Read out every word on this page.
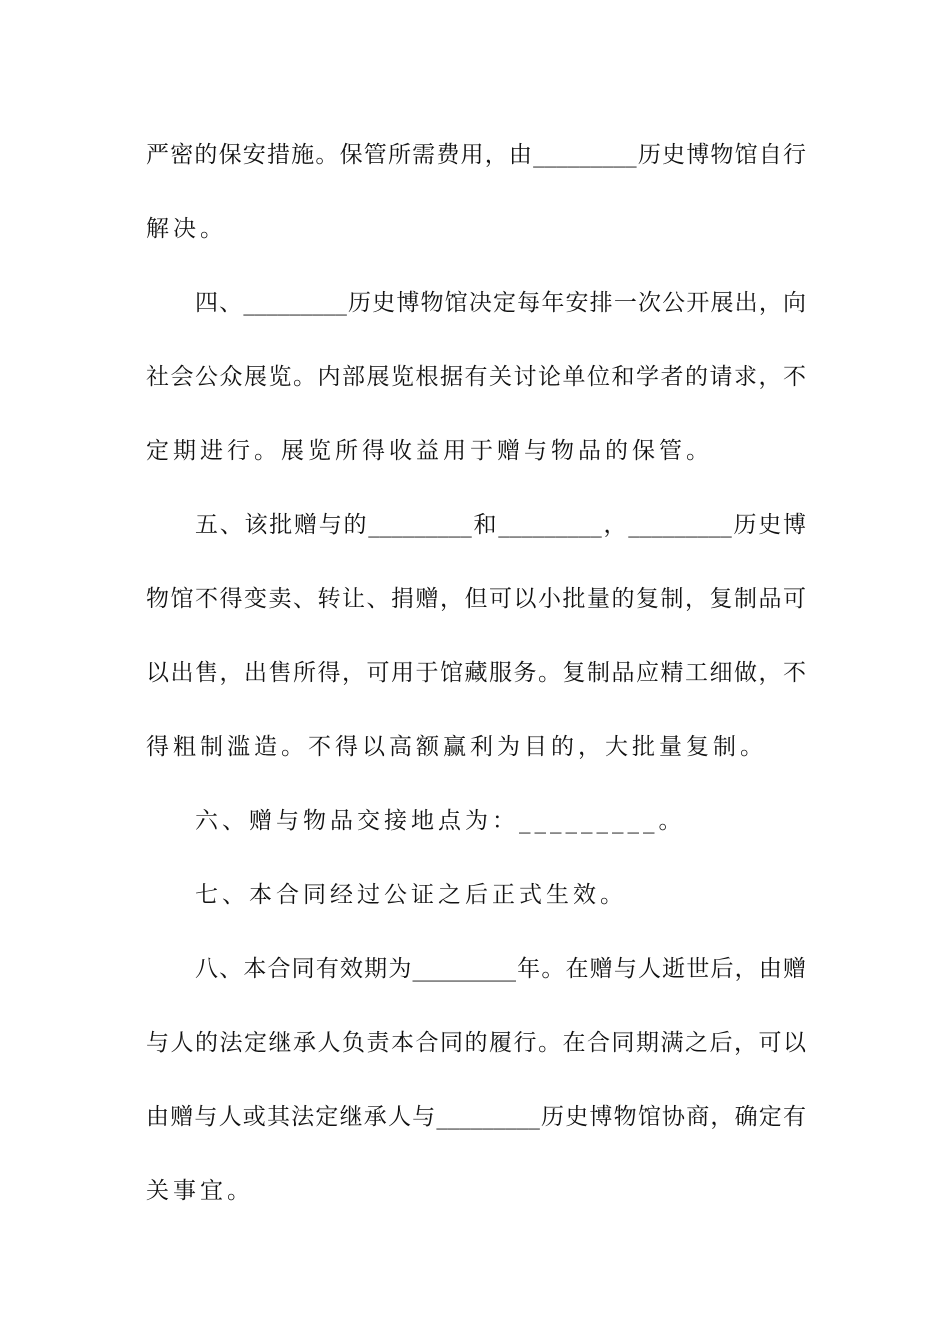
严密的保安措施。保管所需费用，由_________历史博物馆自行
解决。
四、_________历史博物馆决定每年安排一次公开展出，向
社会公众展览。内部展览根据有关讨论单位和学者的请求，不
定期进行。展览所得收益用于赠与物品的保管。
五、该批赠与的_________和_________，_________历史博
物馆不得变卖、转让、捐赠，但可以小批量的复制，复制品可
以出售，出售所得，可用于馆藏服务。复制品应精工细做，不
得粗制滥造。不得以高额赢利为目的，大批量复制。
六、赠与物品交接地点为：_________。
七、本合同经过公证之后正式生效。
八、本合同有效期为_________年。在赠与人逝世后，由赠
与人的法定继承人负责本合同的履行。在合同期满之后，可以
由赠与人或其法定继承人与_________历史博物馆协商，确定有
关事宜。
